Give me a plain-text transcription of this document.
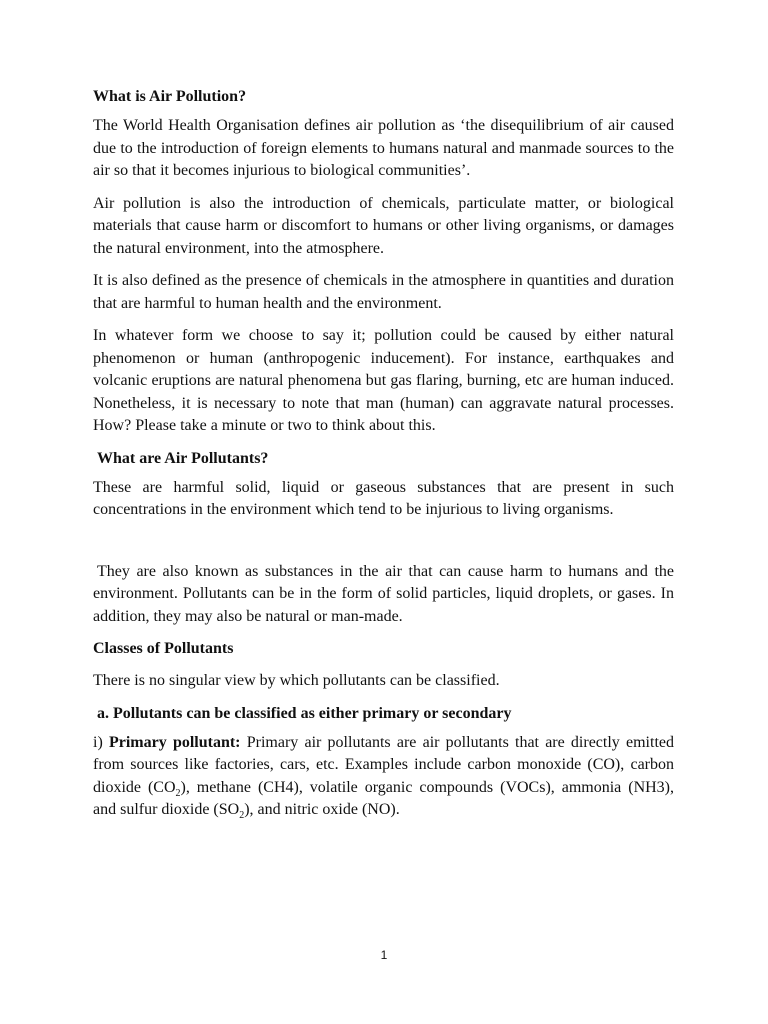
What is Air Pollution?
The World Health Organisation defines air pollution as ‘the disequilibrium of air caused due to the introduction of foreign elements to humans natural and manmade sources to the air so that it becomes injurious to biological communities’.
Air pollution is also the introduction of chemicals, particulate matter, or biological materials that cause harm or discomfort to humans or other living organisms, or damages the natural environment, into the atmosphere.
It is also defined as the presence of chemicals in the atmosphere in quantities and duration that are harmful to human health and the environment.
In whatever form we choose to say it; pollution could be caused by either natural phenomenon or human (anthropogenic inducement). For instance, earthquakes and volcanic eruptions are natural phenomena but gas flaring, burning, etc are human induced. Nonetheless, it is necessary to note that man (human) can aggravate natural processes. How? Please take a minute or two to think about this.
What are Air Pollutants?
These are harmful solid, liquid or gaseous substances that are present in such concentrations in the environment which tend to be injurious to living organisms.
They are also known as substances in the air that can cause harm to humans and the environment. Pollutants can be in the form of solid particles, liquid droplets, or gases. In addition, they may also be natural or man-made.
Classes of Pollutants
There is no singular view by which pollutants can be classified.
a. Pollutants can be classified as either primary or secondary
i) Primary pollutant: Primary air pollutants are air pollutants that are directly emitted from sources like factories, cars, etc. Examples include carbon monoxide (CO), carbon dioxide $(CO_2)$, methane (CH4), volatile organic compounds (VOCs), ammonia (NH3), and sulfur dioxide $(SO_2)$, and nitric oxide (NO).
1
